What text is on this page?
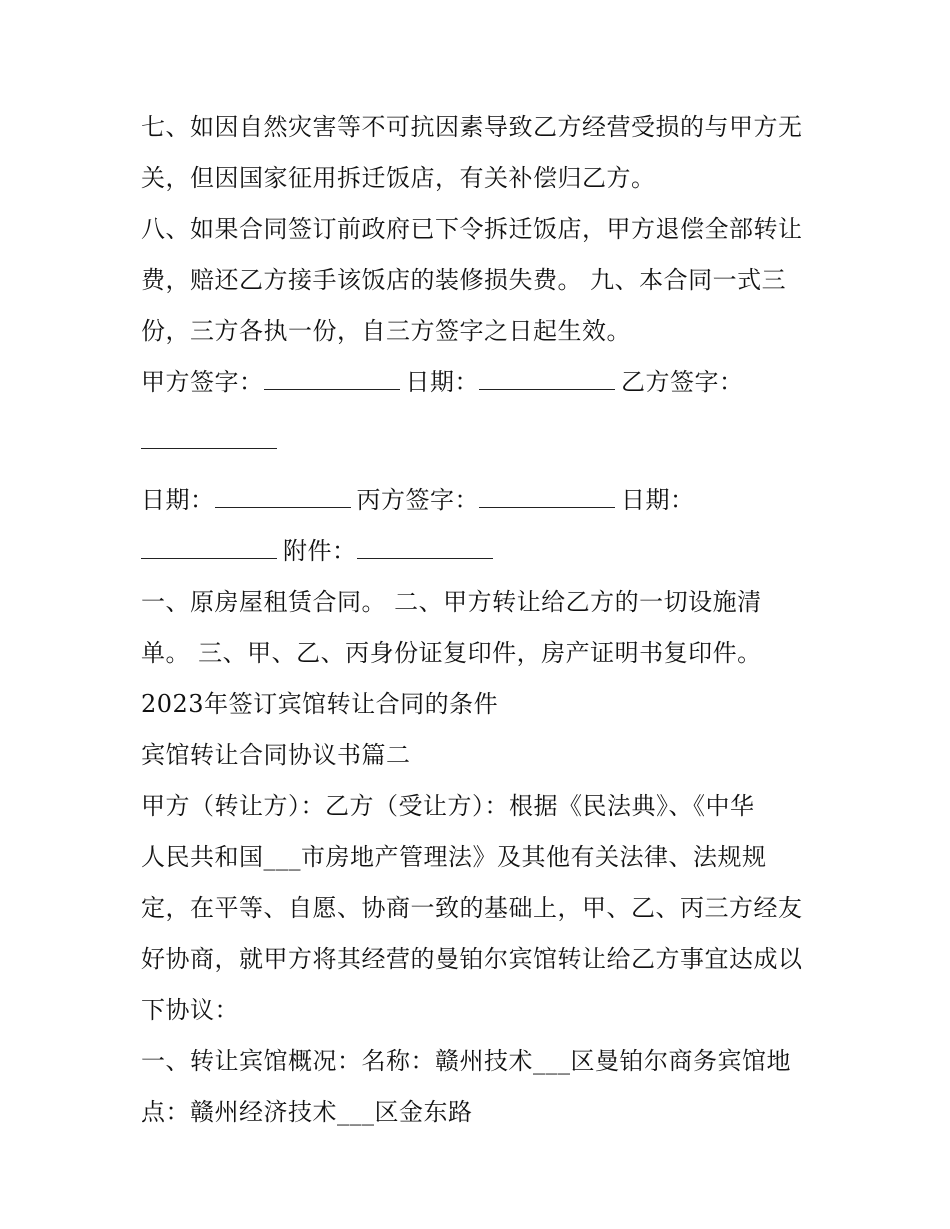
七、如因自然灾害等不可抗因素导致乙方经营受损的与甲方无
关，但因国家征用拆迁饭店，有关补偿归乙方。
八、如果合同签订前政府已下令拆迁饭店，甲方退偿全部转让
费，赔还乙方接手该饭店的装修损失费。 九、本合同一式三
份，三方各执一份，自三方签字之日起生效。
甲方签字：	日期：	乙方签字：
日期：	丙方签字：	日期：
附件：
一、原房屋租赁合同。 二、甲方转让给乙方的一切设施清
单。 三、甲、乙、丙身份证复印件，房产证明书复印件。
2023年签订宾馆转让合同的条件
宾馆转让合同协议书篇二
甲方（转让方）：乙方（受让方）：根据《民法典》、《中华
人民共和国___市房地产管理法》及其他有关法律、法规规
定，在平等、自愿、协商一致的基础上，甲、乙、丙三方经友
好协商，就甲方将其经营的曼铂尔宾馆转让给乙方事宜达成以
下协议：
一、转让宾馆概况：名称：赣州技术___区曼铂尔商务宾馆地
点：赣州经济技术___区金东路
